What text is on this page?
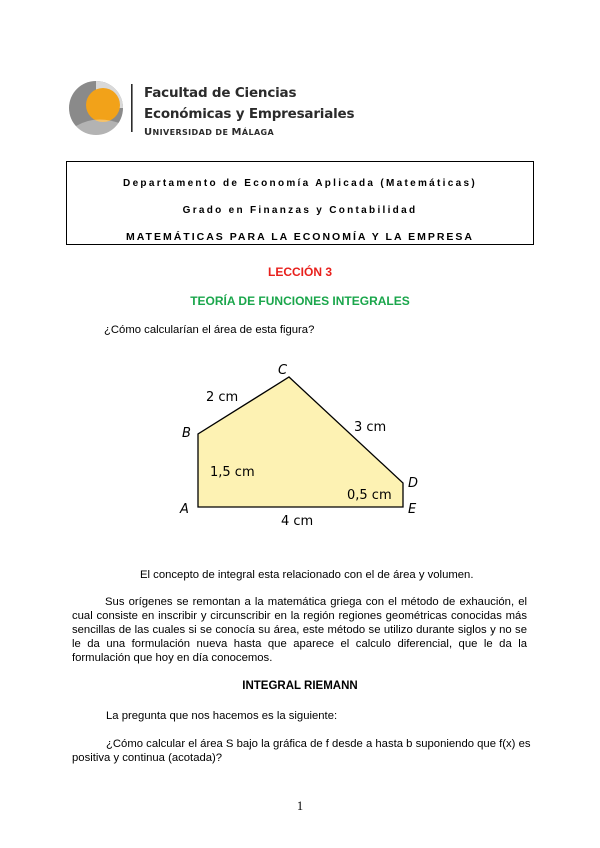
Facultad de Ciencias
Económicas y Empresariales
UNIVERSIDAD DE MÁLAGA
Departamento de Economía Aplicada (Matemáticas)
Grado en Finanzas y Contabilidad
MATEMÁTICAS PARA LA ECONOMÍA Y LA EMPRESA
LECCIÓN 3
TEORÍA DE FUNCIONES INTEGRALES
¿Cómo calcularían el área de esta figura?
A
B
C
D
E
2 cm
3 cm
1,5 cm
0,5 cm
4 cm
El concepto de integral esta relacionado con el de área y volumen.

Sus orígenes se remontan a la matemática griega con el método de exhaución, el cual consiste en inscribir y circunscribir en la región regiones geométricas conocidas más sencillas de las cuales si se conocía su área, este método se utilizo durante siglos y no se le da una formulación nueva hasta que aparece el calculo diferencial, que le da la formulación que hoy en día conocemos.

INTEGRAL RIEMANN
La pregunta que nos hacemos es la siguiente:

¿Cómo calcular el área S bajo la gráfica de f desde a hasta b suponiendo que f(x) es positiva y continua (acotada)?

1
